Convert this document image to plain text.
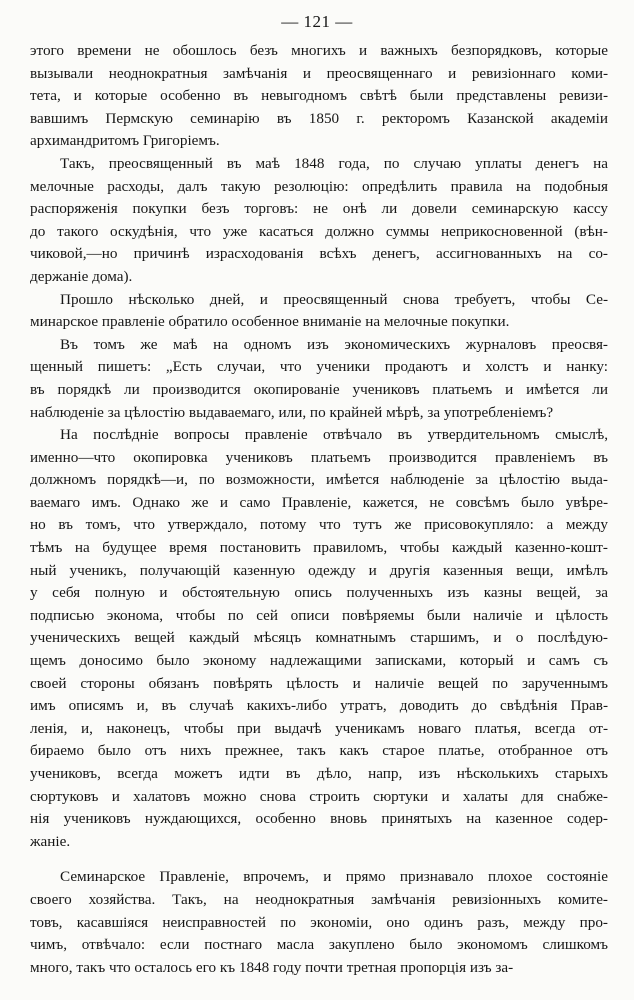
— 121 —
этого времени не обошлось безъ многихъ и важныхъ безпорядковъ, которые
вызывали неоднократныя замѣчанія и преосвященнаго и ревизіоннаго коми-
тета, и которые особенно въ невыгодномъ свѣтѣ были представлены ревизи-
вавшимъ Пермскую семинарію въ 1850 г. ректоромъ Казанской академіи
архимандритомъ Григоріемъ.
Такъ, преосвященный въ маѣ 1848 года, по случаю уплаты денегъ на
мелочные расходы, далъ такую резолюцію: опредѣлить правила на подобныя
распоряженія покупки безъ торговъ: не онѣ ли довели семинарскую кассу
до такого оскудѣнія, что уже касаться должно суммы неприкосновенной (вѣн-
чиковой,—но причинѣ израсходованія всѣхъ денегъ, ассигнованныхъ на со-
держаніе дома).
Прошло нѣсколько дней, и преосвященный снова требуетъ, чтобы Се-
минарское правленіе обратило особенное вниманіе на мелочные покупки.
Въ томъ же маѣ на одномъ изъ экономическихъ журналовъ преосвя-
щенный пишетъ: „Есть случаи, что ученики продаютъ и холстъ и нанку:
въ порядкѣ ли производится окопированіе учениковъ платьемъ и имѣется ли
наблюденіе за цѣлостію выдаваемаго, или, по крайней мѣрѣ, за употребленіемъ?
На послѣдніе вопросы правленіе отвѣчало въ утвердительномъ смыслѣ,
именно—что окопировка учениковъ платьемъ производится правленіемъ въ
должномъ порядкѣ—и, по возможности, имѣется наблюденіе за цѣлостію выда-
ваемаго имъ. Однако же и само Правленіе, кажется, не совсѣмъ было увѣре-
но въ томъ, что утверждало, потому что тутъ же присовокупляло: а между
тѣмъ на будущее время постановить правиломъ, чтобы каждый казенно-кошт-
ный ученикъ, получающій казенную одежду и другія казенныя вещи, имѣлъ
у себя полную и обстоятельную опись полученныхъ изъ казны вещей, за
подписью эконома, чтобы по сей описи повѣряемы были наличіе и цѣлость
ученическихъ вещей каждый мѣсяцъ комнатнымъ старшимъ, и о послѣдую-
щемъ доносимо было эконому надлежащими записками, который и самъ съ
своей стороны обязанъ повѣрять цѣлость и наличіе вещей по зарученнымъ
имъ описямъ и, въ случаѣ какихъ-либо утратъ, доводить до свѣдѣнія Прав-
ленія, и, наконецъ, чтобы при выдачѣ ученикамъ новаго платья, всегда от-
бираемо было отъ нихъ прежнее, такъ какъ старое платье, отобранное отъ
учениковъ, всегда можетъ идти въ дѣло, напр, изъ нѣсколькихъ старыхъ
сюртуковъ и халатовъ можно снова строить сюртуки и халаты для снабже-
нія учениковъ нуждающихся, особенно вновь принятыхъ на казенное содер-
жаніе.
Семинарское Правленіе, впрочемъ, и прямо признавало плохое состояніе
своего хозяйства. Такъ, на неоднократныя замѣчанія ревизіонныхъ комите-
товъ, касавшіяся неисправностей по экономіи, оно одинъ разъ, между про-
чимъ, отвѣчало: если постнаго масла закуплено было экономомъ слишкомъ
много, такъ что осталось его къ 1848 году почти третная пропорція изъ за-
